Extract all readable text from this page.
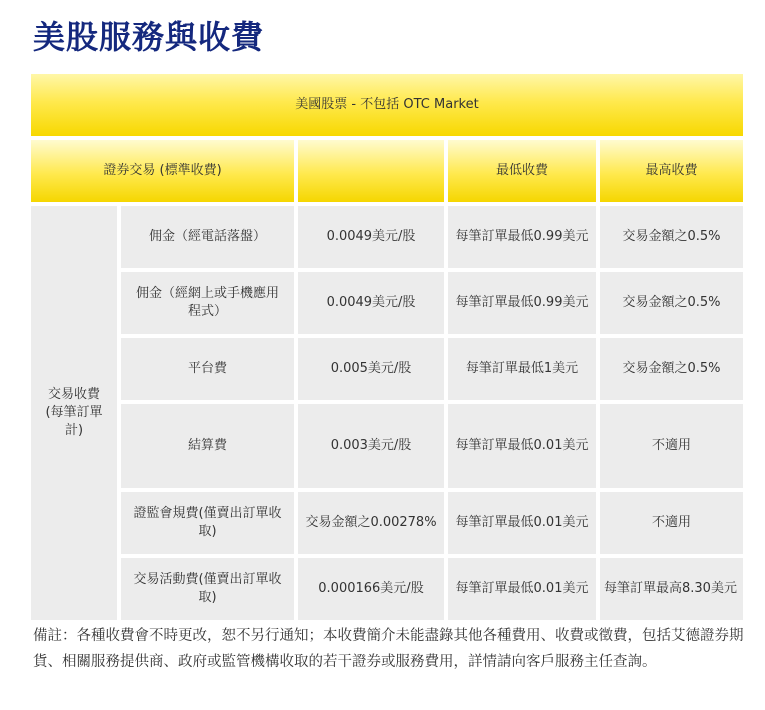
美股服務與收費
美國股票 - 不包括 OTC Market				
證券交易 (標準收費)			最低收費	最高收費
交易收費
(每筆訂單計)	佣金（經電話落盤）	0.0049美元/股	每筆訂單最低0.99美元	交易金額之0.5%
	佣金（經網上或手機應用程式）	0.0049美元/股	每筆訂單最低0.99美元	交易金額之0.5%
	平台費	0.005美元/股	每筆訂單最低1美元	交易金額之0.5%
	結算費	0.003美元/股	每筆訂單最低0.01美元	不適用
	證監會規費(僅賣出訂單收取)	交易金額之0.00278%	每筆訂單最低0.01美元	不適用
	交易活動費(僅賣出訂單收取)	0.000166美元/股	每筆訂單最低0.01美元	每筆訂單最高8.30美元

備註：各種收費會不時更改，恕不另行通知；本收費簡介未能盡錄其他各種費用、收費或徵費，包括艾德證券期貨、相關服務提供商、政府或監管機構收取的若干證券或服務費用，詳情請向客戶服務主任查詢。
